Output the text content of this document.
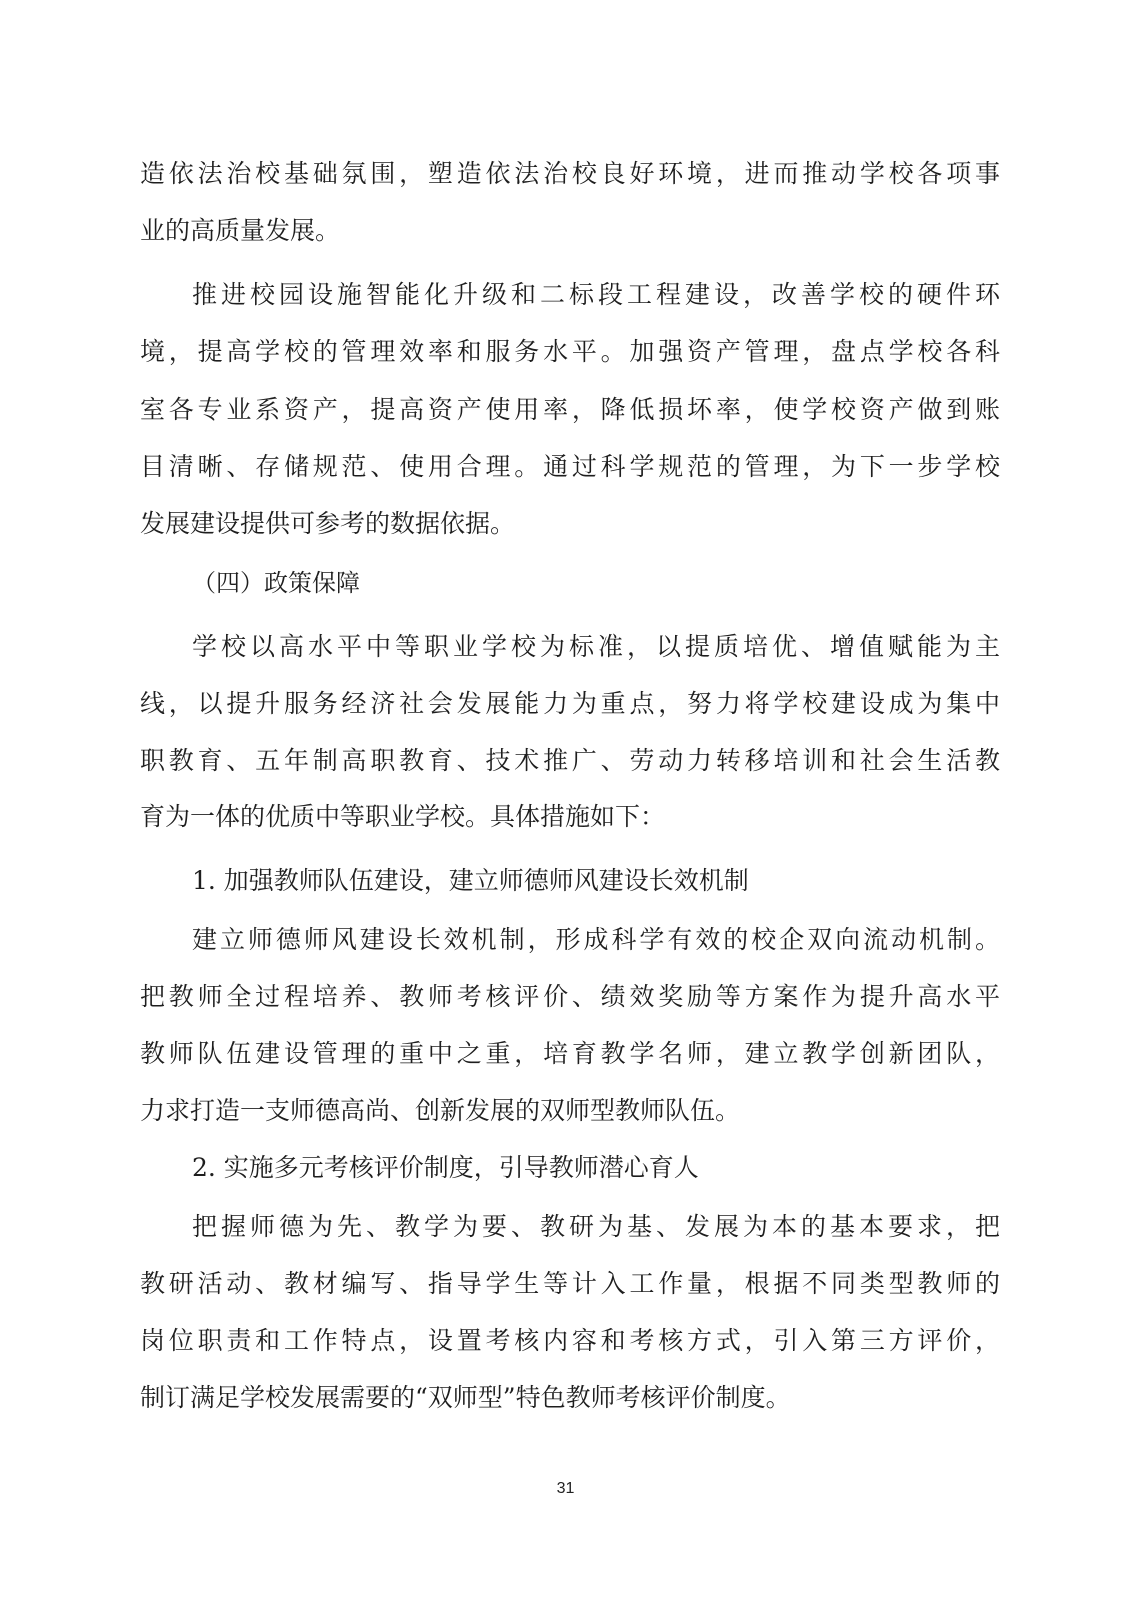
造依法治校基础氛围，塑造依法治校良好环境，进而推动学校各项事
业的高质量发展。
推进校园设施智能化升级和二标段工程建设，改善学校的硬件环
境，提高学校的管理效率和服务水平。加强资产管理，盘点学校各科
室各专业系资产，提高资产使用率，降低损坏率，使学校资产做到账
目清晰、存储规范、使用合理。通过科学规范的管理，为下一步学校
发展建设提供可参考的数据依据。
（四）政策保障
学校以高水平中等职业学校为标准，以提质培优、增值赋能为主
线，以提升服务经济社会发展能力为重点，努力将学校建设成为集中
职教育、五年制高职教育、技术推广、劳动力转移培训和社会生活教
育为一体的优质中等职业学校。具体措施如下：
1. 加强教师队伍建设，建立师德师风建设长效机制
建立师德师风建设长效机制，形成科学有效的校企双向流动机制。
把教师全过程培养、教师考核评价、绩效奖励等方案作为提升高水平
教师队伍建设管理的重中之重，培育教学名师，建立教学创新团队，
力求打造一支师德高尚、创新发展的双师型教师队伍。
2. 实施多元考核评价制度，引导教师潜心育人
把握师德为先、教学为要、教研为基、发展为本的基本要求，把
教研活动、教材编写、指导学生等计入工作量，根据不同类型教师的
岗位职责和工作特点，设置考核内容和考核方式，引入第三方评价，
制订满足学校发展需要的“双师型”特色教师考核评价制度。
31
